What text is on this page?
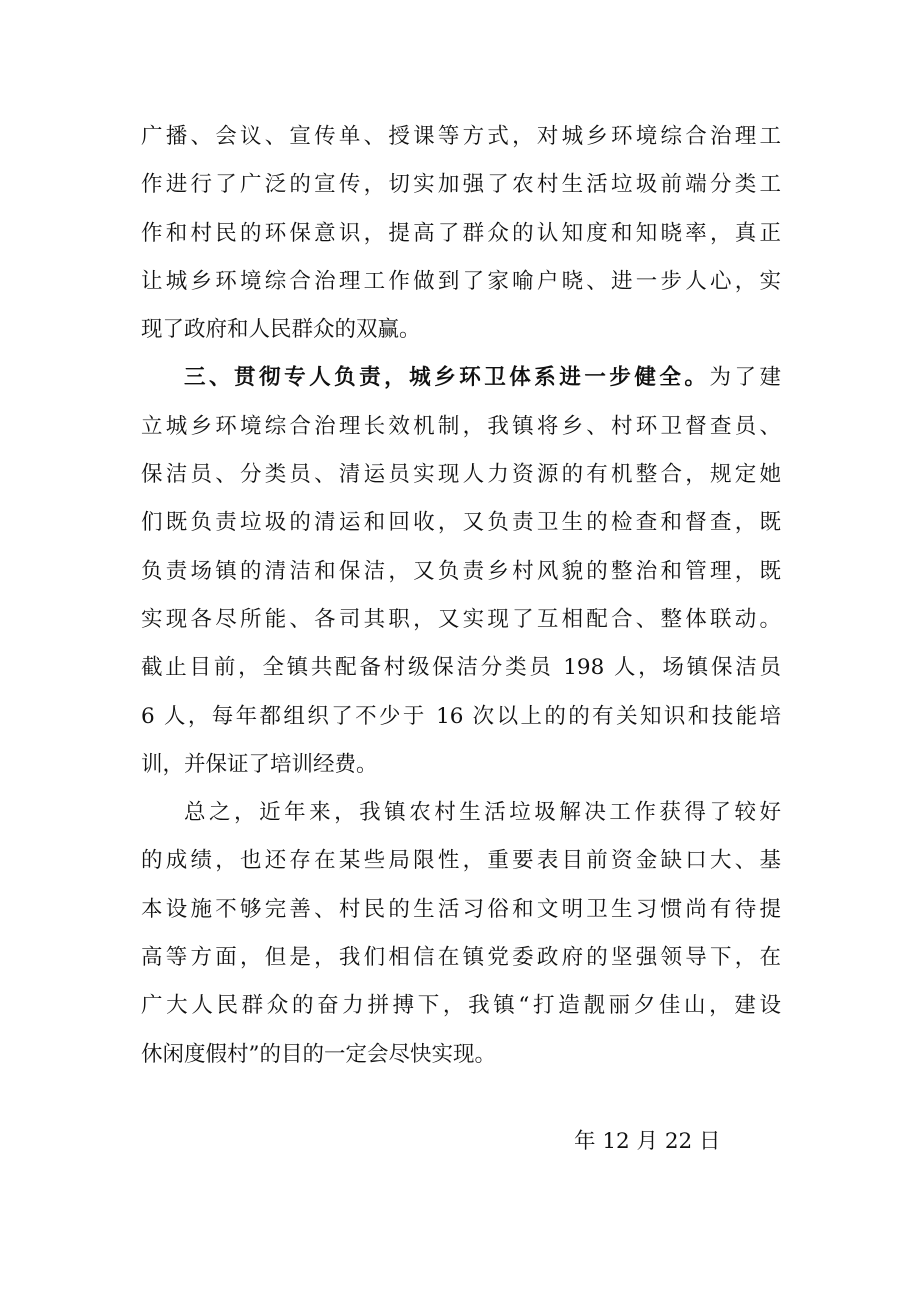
广播、会议、宣传单、授课等方式，对城乡环境综合治理工
作进行了广泛的宣传，切实加强了农村生活垃圾前端分类工
作和村民的环保意识，提高了群众的认知度和知晓率，真正
让城乡环境综合治理工作做到了家喻户晓、进一步人心，实
现了政府和人民群众的双赢。
三、贯彻专人负责，城乡环卫体系进一步健全。为了建
立城乡环境综合治理长效机制，我镇将乡、村环卫督查员、
保洁员、分类员、清运员实现人力资源的有机整合，规定她
们既负责垃圾的清运和回收，又负责卫生的检查和督查，既
负责场镇的清洁和保洁，又负责乡村风貌的整治和管理，既
实现各尽所能、各司其职，又实现了互相配合、整体联动。
截止目前，全镇共配备村级保洁分类员 198 人，场镇保洁员
6 人，每年都组织了不少于 16 次以上的的有关知识和技能培
训，并保证了培训经费。
总之，近年来，我镇农村生活垃圾解决工作获得了较好
的成绩，也还存在某些局限性，重要表目前资金缺口大、基
本设施不够完善、村民的生活习俗和文明卫生习惯尚有待提
高等方面，但是，我们相信在镇党委政府的坚强领导下，在
广大人民群众的奋力拼搏下，我镇“打造靓丽夕佳山，建设
休闲度假村”的目的一定会尽快实现。
年 12 月 22 日
